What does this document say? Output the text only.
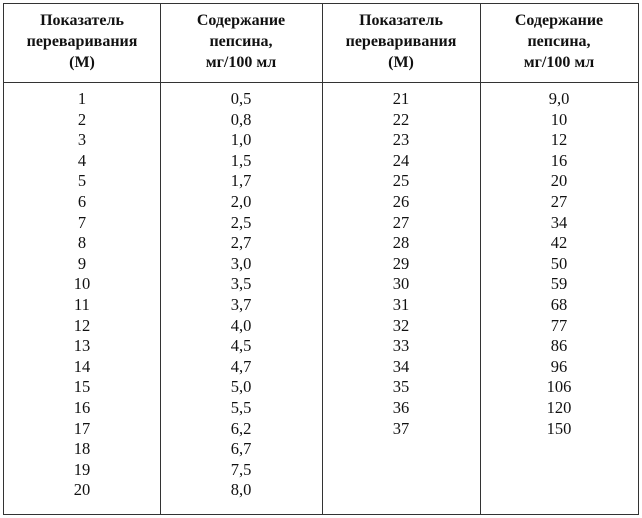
Показатель
переваривания
(М)
Содержание
пепсина,
мг/100 мл
Показатель
переваривания
(М)
Содержание
пепсина,
мг/100 мл
1
2
3
4
5
6
7
8
9
10
11
12
13
14
15
16
17
18
19
20
0,5
0,8
1,0
1,5
1,7
2,0
2,5
2,7
3,0
3,5
3,7
4,0
4,5
4,7
5,0
5,5
6,2
6,7
7,5
8,0
21
22
23
24
25
26
27
28
29
30
31
32
33
34
35
36
37
9,0
10
12
16
20
27
34
42
50
59
68
77
86
96
106
120
150
